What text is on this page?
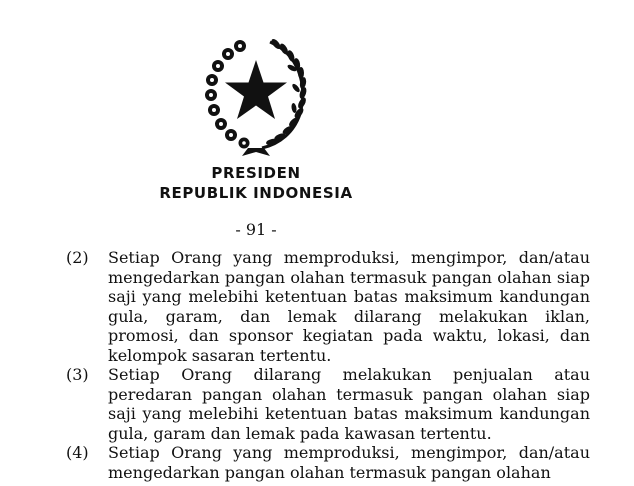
PRESIDEN

REPUBLIK INDONESIA

- 91 -
(2)	Setiap Orang yang memproduksi, mengimpor, dan/atau mengedarkan pangan olahan termasuk pangan olahan siap saji yang melebihi ketentuan batas maksimum kandungan gula, garam, dan lemak dilarang melakukan iklan, promosi, dan sponsor kegiatan pada waktu, lokasi, dan kelompok sasaran tertentu.
(3)	Setiap Orang dilarang melakukan penjualan atau peredaran pangan olahan termasuk pangan olahan siap saji yang melebihi ketentuan batas maksimum kandungan gula, garam dan lemak pada kawasan tertentu.
(4)	Setiap Orang yang memproduksi, mengimpor, dan/atau mengedarkan pangan olahan termasuk pangan olahan
